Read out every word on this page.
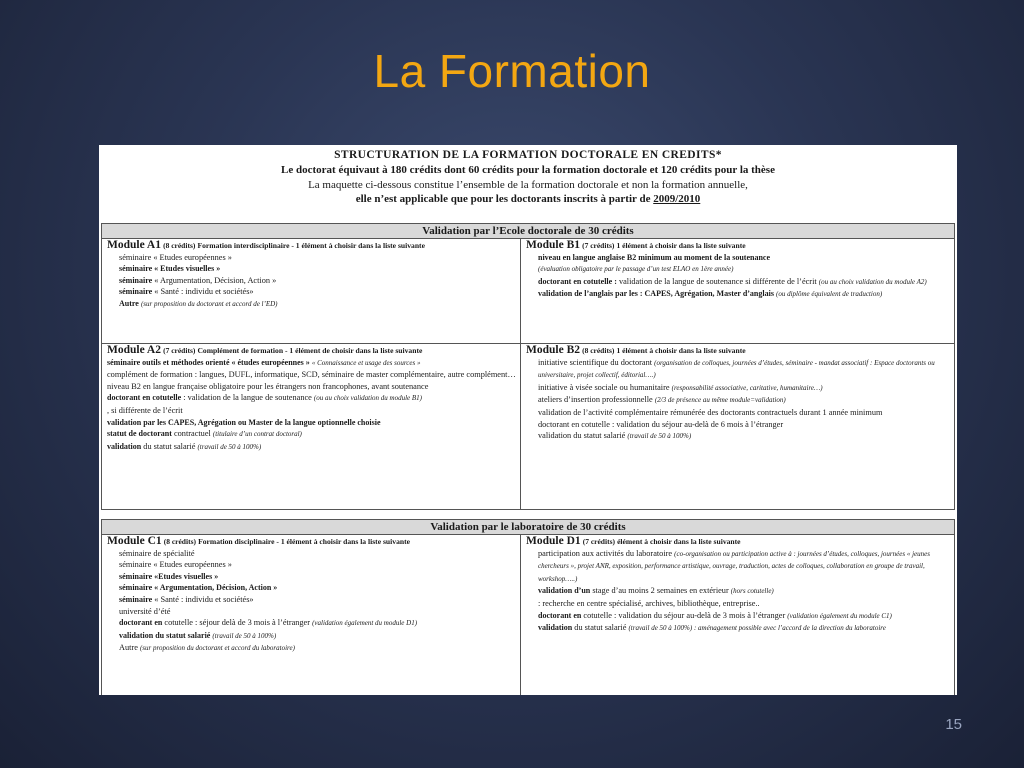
La Formation
STRUCTURATION DE LA FORMATION DOCTORALE EN CREDITS*
Le doctorat équivaut à 180 crédits dont 60 crédits pour la formation doctorale et 120 crédits pour la thèse
La maquette ci-dessous constitue l’ensemble de la formation doctorale et non la formation annuelle,
elle n’est applicable que pour les doctorants inscrits à partir de 2009/2010
Validation par l’Ecole doctorale de 30 crédits
Module A1 (8 crédits) Formation interdisciplinaire - 1 élément à choisir dans la liste suivante
séminaire « Etudes européennes »
séminaire « Etudes visuelles »
séminaire « Argumentation, Décision, Action »
séminaire « Santé : individu et sociétés»
Autre (sur proposition du doctorant et accord de l’ED)
Module B1 (7 crédits) 1 élément à choisir dans la liste suivante
niveau en langue anglaise B2 minimum au moment de la soutenance
(évaluation obligatoire par le passage d’un test ELAO en 1ère année)
doctorant en cotutelle : validation de la langue de soutenance si différente de l’écrit (ou au choix validation du module A2)
validation de l’anglais par les : CAPES, Agrégation, Master d’anglais (ou diplôme équivalent de traduction)
Module A2 (7 crédits) Complément de formation - 1 élément de choisir dans la liste suivante
séminaire outils et méthodes orienté « études européennes » « Connaissance et usage des sources »
complément de formation : langues, DUFL, informatique, SCD, séminaire de master complémentaire, autre complément…
niveau B2 en langue française obligatoire pour les étrangers non francophones, avant soutenance
doctorant en cotutelle : validation de la langue de soutenance (ou au choix validation du module B1)
, si différente de l’écrit
validation par les CAPES, Agrégation ou Master de la langue optionnelle choisie
statut de doctorant contractuel (titulaire d’un contrat doctoral)
validation du statut salarié (travail de 50 à 100%)
Module B2 (8 crédits) 1 élément à choisir dans la liste suivante
initiative scientifique du doctorant (organisation de colloques, journées d’études, séminaire - mandat associatif : Espace doctorants ou universitaire, projet collectif, éditorial….)
initiative à visée sociale ou humanitaire (responsabilité associative, caritative, humanitaire…)
ateliers d’insertion professionnelle (2/3 de présence au même module=validation)
validation de l’activité complémentaire rémunérée des doctorants contractuels durant 1 année minimum
doctorant en cotutelle : validation du séjour au-delà de 6 mois à l’étranger
validation du statut salarié (travail de 50 à 100%)
Validation par le laboratoire de 30 crédits
Module C1 (8 crédits) Formation disciplinaire - 1 élément à choisir dans la liste suivante
séminaire de spécialité
séminaire « Etudes européennes »
séminaire «Etudes visuelles »
séminaire « Argumentation, Décision, Action »
séminaire « Santé : individu et sociétés»
université d’été
doctorant en cotutelle : séjour delà de 3 mois à l’étranger (validation également du module D1)
validation du statut salarié (travail de 50 à 100%)
Autre (sur proposition du doctorant et accord du laboratoire)
Module D1 (7 crédits) élément à choisir dans la liste suivante
participation aux activités du laboratoire (co-organisation ou participation active à : journées d’études, colloques, journées « jeunes chercheurs », projet ANR, exposition, performance artistique, ouvrage, traduction, actes de colloques, collaboration en groupe de travail, workshop…..)
validation d’un stage d’au moins 2 semaines en extérieur (hors cotutelle)
: recherche en centre spécialisé, archives, bibliothèque, entreprise..
doctorant en cotutelle : validation du séjour au-delà de 3 mois à l’étranger (validation également du module C1)
validation du statut salarié (travail de 50 à 100%) : aménagement possible avec l’accord de la direction du laboratoire
15
